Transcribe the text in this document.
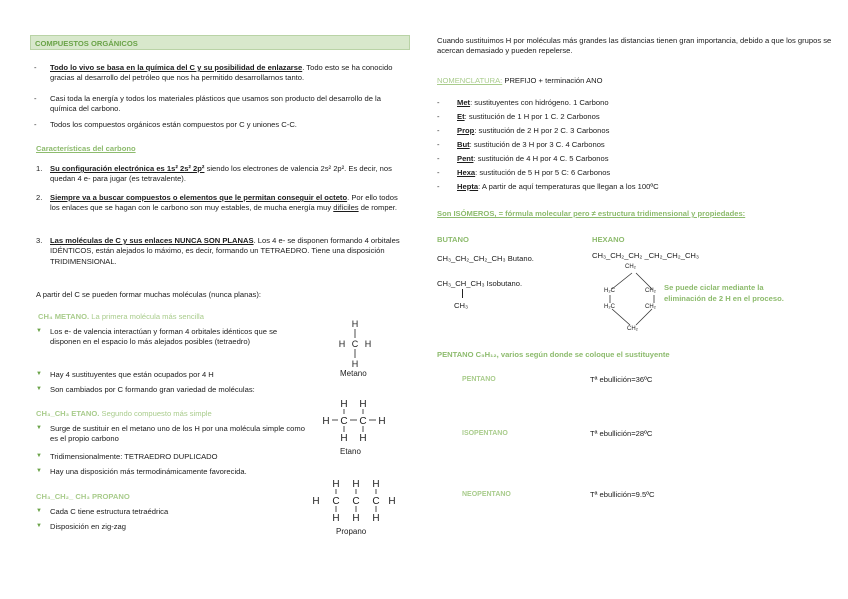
COMPUESTOS ORGÁNICOS
- Todo lo vivo se basa en la química del C y su posibilidad de enlazarse. Todo esto se ha conocido gracias al desarrollo del petróleo que nos ha permitido desarrollarnos tanto.
- Casi toda la energía y todos los materiales plásticos que usamos son producto del desarrollo de la química del carbono.
- Todos los compuestos orgánicos están compuestos por C y uniones C-C.
Características del carbono
1. Su configuración electrónica es 1s² 2s² 2p² siendo los electrones de valencia 2s² 2p². Es decir, nos quedan 4 e- para jugar (es tetravalente).
2. Siempre va a buscar compuestos o elementos que le permitan conseguir el octeto. Por ello todos los enlaces que se hagan con le carbono son muy estables, de mucha energía muy difíciles de romper.
3. Las moléculas de C y sus enlaces NUNCA SON PLANAS. Los 4 e- se disponen formando 4 orbitales IDÉNTICOS, están alejados lo máximo, es decir, formando un TETRAEDRO. Tiene una disposición TRIDIMENSIONAL.
A partir del C se pueden formar muchas moléculas (nunca planas):
CH₄ METANO. La primera molécula más sencilla
▼ Los e- de valencia interactúan y forman 4 orbitales idénticos que se disponen en el espacio lo más alejados posibles (tetraedro)
▼ Hay 4 sustituyentes que están ocupados por 4 H
▼ Son cambiados por C formando gran variedad de moléculas:
H
H C H
H
Metano
CH₃_CH₃ ETANO. Segundo compuesto más simple
▼ Surge de sustituir en el metano uno de los H por una molécula simple como es el propio carbono
▼ Tridimensionalmente: TETRAEDRO DUPLICADO
▼ Hay una disposición más termodinámicamente favorecida.
H H
H C C H
H H
Etano
CH₃_CH₂_ CH₃ PROPANO
▼ Cada C tiene estructura tetraédrica
▼ Disposición en zig-zag
H H H
H C C C H
H H H
Propano
Cuando sustituimos H por moléculas más grandes las distancias tienen gran importancia, debido a que los grupos se acercan demasiado y pueden repelerse.
NOMENCLATURA: PREFIJO + terminación ANO
- Met: sustituyentes con hidrógeno. 1 Carbono
- Et: sustitución de 1 H por 1 C. 2 Carbonos
- Prop: sustitución de 2 H por 2 C. 3 Carbonos
- But: sustitución de 3 H por 3 C. 4 Carbonos
- Pent: sustitución de 4 H por 4 C. 5 Carbonos
- Hexa: sustitución de 5 H por 5 C: 6 Carbonos
- Hepta: A partir de aquí temperaturas que llegan a los 100ºC
Son ISÓMEROS, = fórmula molecular pero ≠ estructura tridimensional y propiedades:
BUTANO
CH₃_CH₂_CH₂_CH₃ Butano.
CH₃_CH_CH₃ Isobutano.
CH₃
HEXANO
CH₃_CH₂_CH₂ _CH₂_CH₂_CH₃
CH₂
H₂C	CH₂
H₂C	CH₂
CH₂
Se puede ciclar mediante la eliminación de 2 H en el proceso.
PENTANO C₅H₁₂, varios según donde se coloque el sustituyente
PENTANO	Tª ebullición=36ºC
ISOPENTANO	Tª ebullición=28ºC
NEOPENTANO	Tª ebullición=9.5ºC
